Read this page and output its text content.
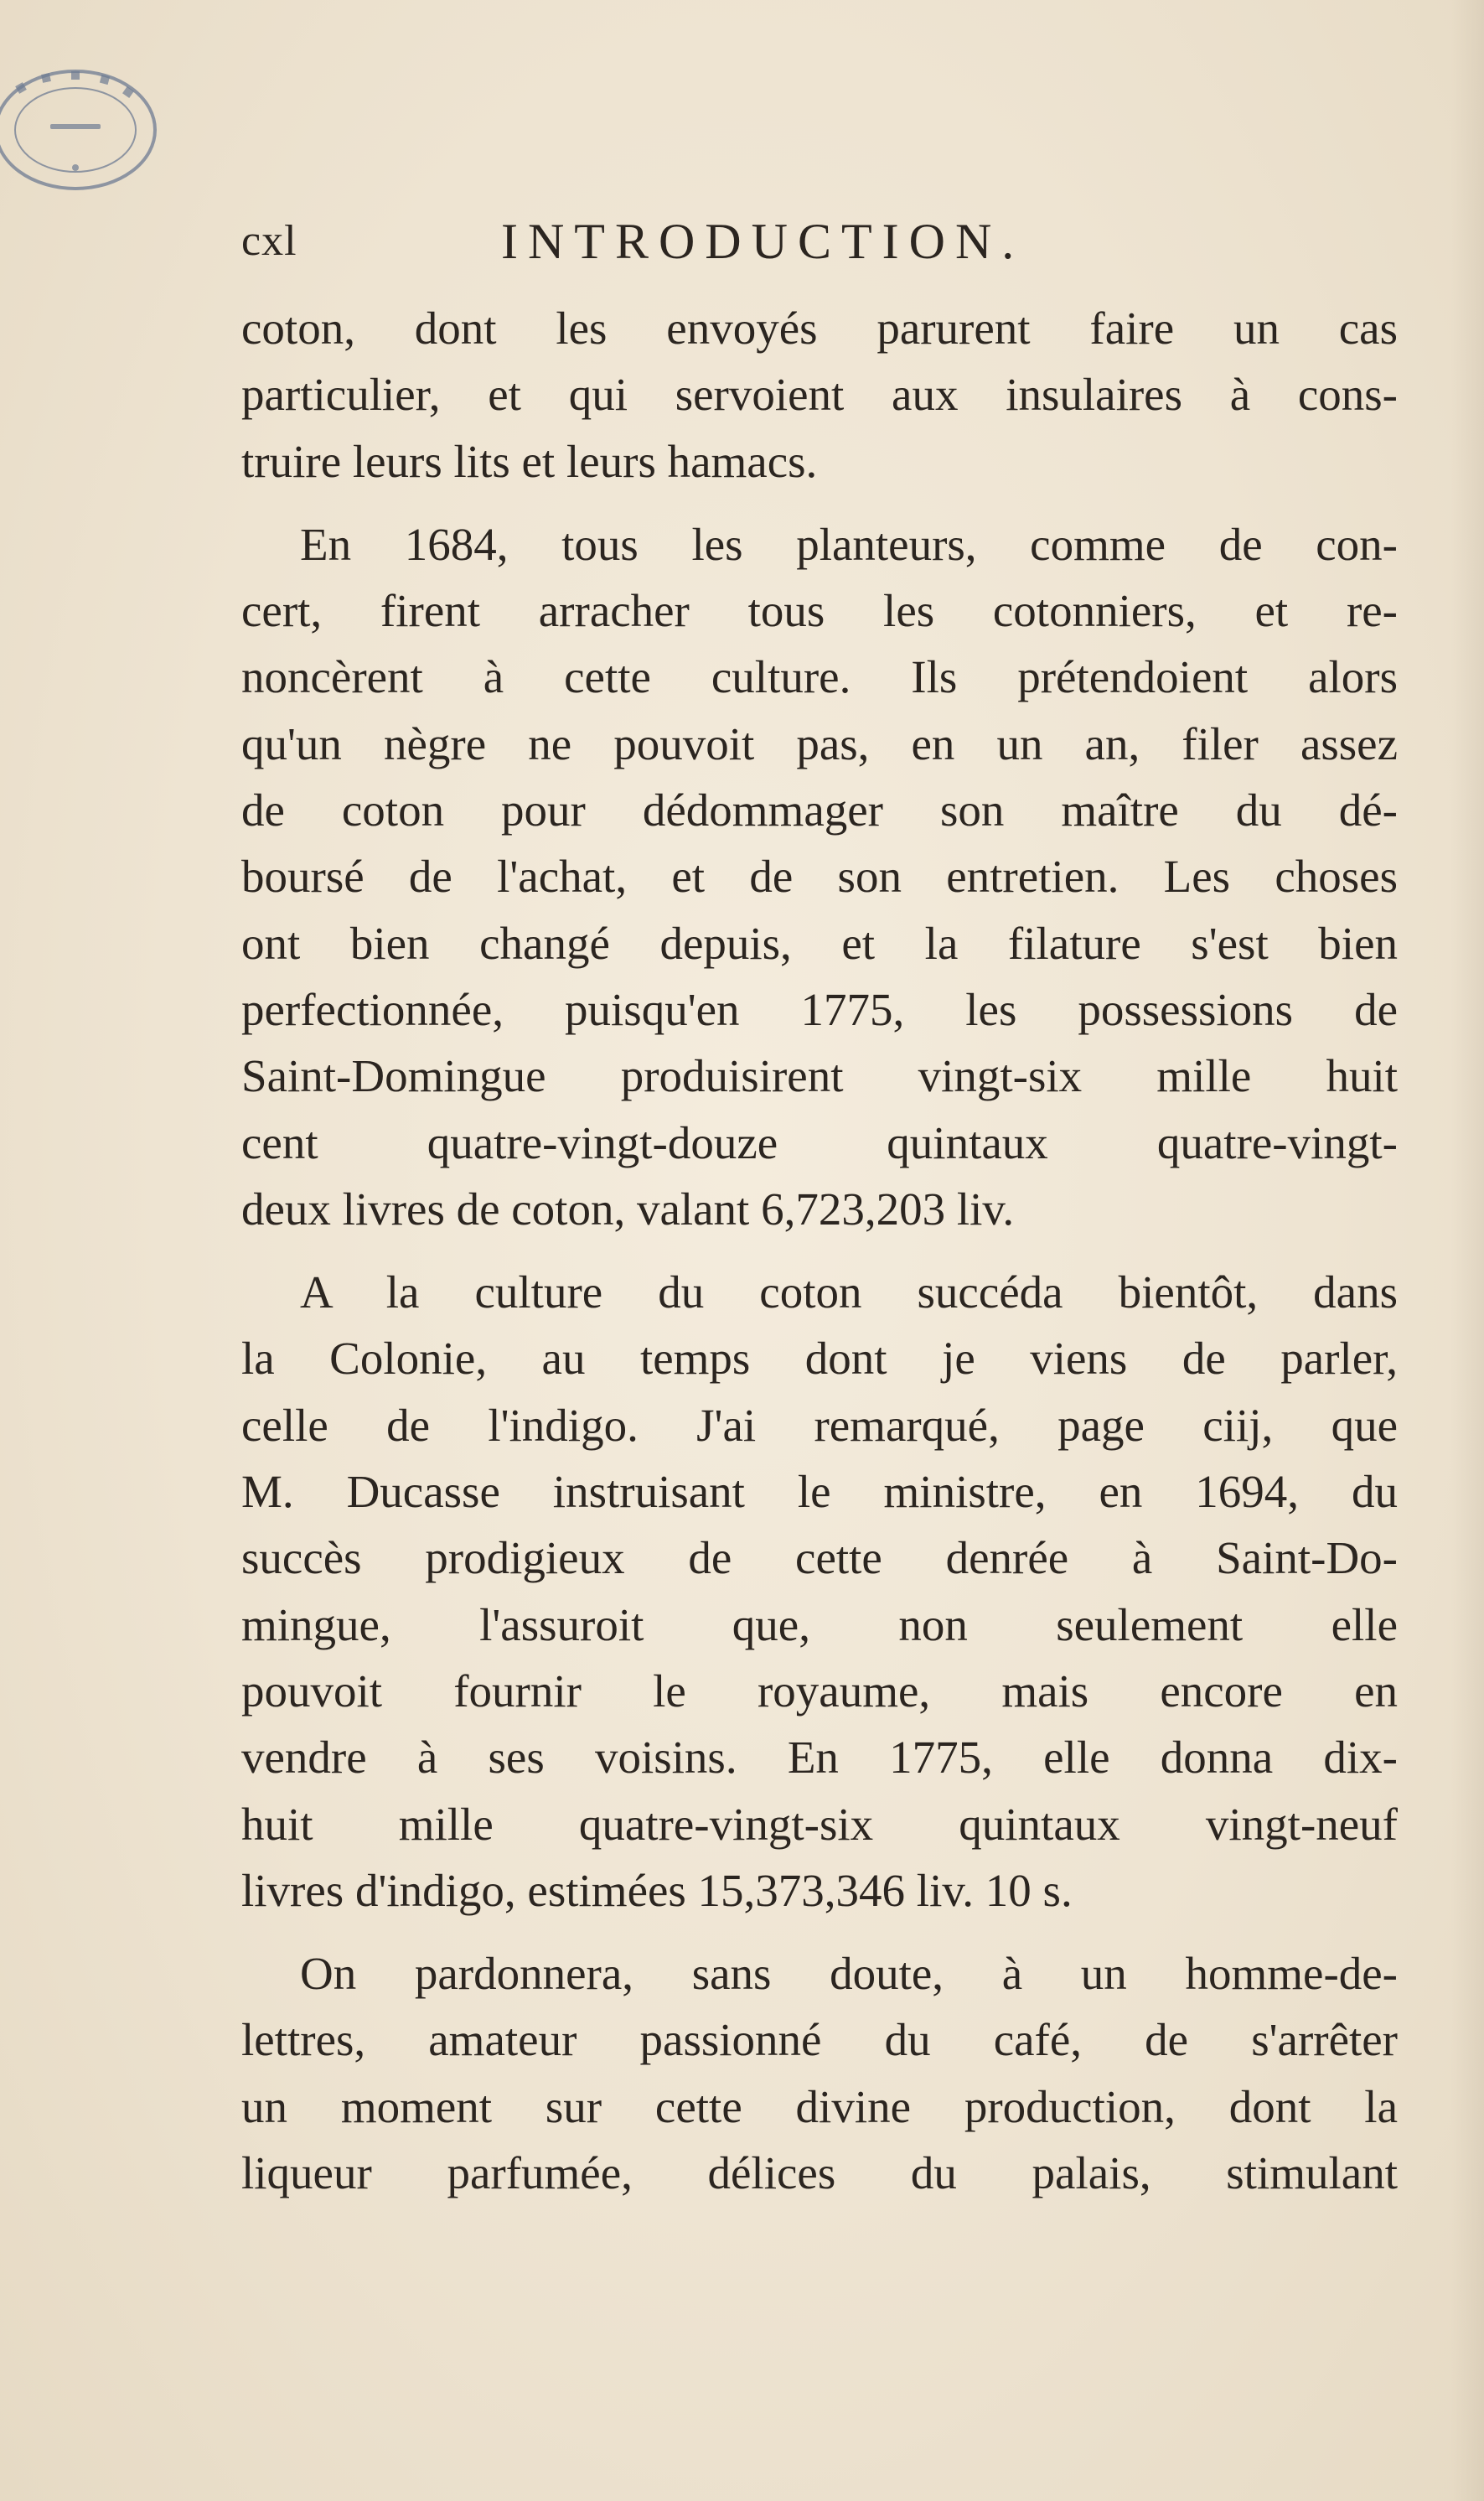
cxl	INTRODUCTION.

coton, dont les envoyés parurent faire un cas
particulier, et qui servoient aux insulaires à cons-
truire leurs lits et leurs hamacs.

En 1684, tous les planteurs, comme de con-
cert, firent arracher tous les cotonniers, et re-
noncèrent à cette culture. Ils prétendoient alors
qu'un nègre ne pouvoit pas, en un an, filer assez
de coton pour dédommager son maître du dé-
boursé de l'achat, et de son entretien. Les choses
ont bien changé depuis, et la filature s'est bien
perfectionnée, puisqu'en 1775, les possessions de
Saint-Domingue produisirent vingt-six mille huit
cent quatre-vingt-douze quintaux quatre-vingt-
deux livres de coton, valant 6,723,203 liv.

A la culture du coton succéda bientôt, dans
la Colonie, au temps dont je viens de parler,
celle de l'indigo. J'ai remarqué, page ciij, que
M. Ducasse instruisant le ministre, en 1694, du
succès prodigieux de cette denrée à Saint-Do-
mingue, l'assuroit que, non seulement elle
pouvoit fournir le royaume, mais encore en
vendre à ses voisins. En 1775, elle donna dix-
huit mille quatre-vingt-six quintaux vingt-neuf
livres d'indigo, estimées 15,373,346 liv. 10 s.

On pardonnera, sans doute, à un homme-de-
lettres, amateur passionné du café, de s'arrêter
un moment sur cette divine production, dont la
liqueur parfumée, délices du palais, stimulant
